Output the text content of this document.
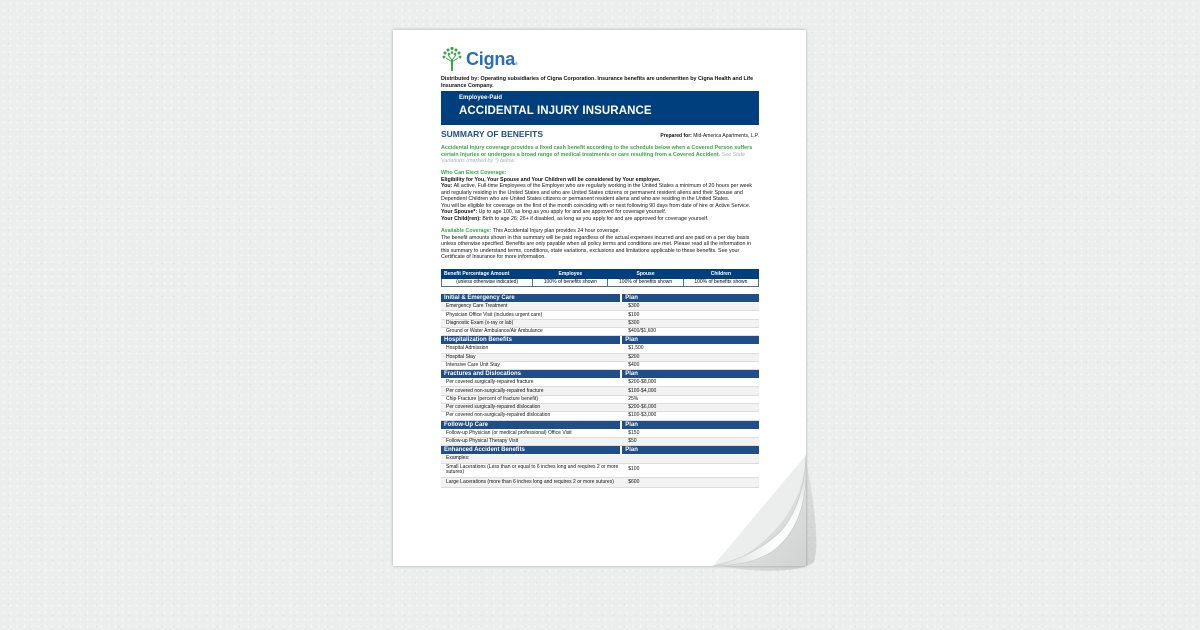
Cigna ®
Distributed by: Operating subsidiaries of Cigna Corporation. Insurance benefits are underwritten by Cigna Health and Life Insurance Company.
Employee-Paid
ACCIDENTAL INJURY INSURANCE
SUMMARY OF BENEFITS	Prepared for: Mid-America Apartments, L.P.
Accidental Injury coverage provides a fixed cash benefit according to the schedule below when a Covered Person suffers certain Injuries or undergoes a broad range of medical treatments or care resulting from a Covered Accident. See State Variations (marked by *) below.
Who Can Elect Coverage:
Eligibility for You, Your Spouse and Your Children will be considered by Your employer.
You: All active, Full-time Employees of the Employer who are regularly working in the United States a minimum of 20 hours per week and regularly residing in the United States and who are United States citizens or permanent resident aliens and their Spouse and Dependent Children who are United States citizens or permanent resident aliens and who are residing in the United States.
You will be eligible for coverage on the first of the month coinciding with or next following 90 days from date of hire or Active Service.
Your Spouse*: Up to age 100, as long as you apply for and are approved for coverage yourself.
Your Child(ren): Birth to age 26; 26+ if disabled, as long as you apply for and are approved for coverage yourself.
Available Coverage: This Accidental Injury plan provides 24 hour coverage.
The benefit amounts shown in this summary will be paid regardless of the actual expenses incurred and are paid on a per day basis unless otherwise specified. Benefits are only payable when all policy terms and conditions are met. Please read all the information in this summary to understand terms, conditions, state variations, exclusions and limitations applicable to these benefits. See your Certificate of Insurance for more information.
Benefit Percentage Amount	Employee	Spouse	Children
(unless otherwise indicated)	100% of benefits shown	100% of benefits shown	100% of benefits shown
Initial & Emergency Care	Plan
Emergency Care Treatment	$300
Physician Office Visit (includes urgent care)	$100
Diagnostic Exam (x-ray or lab)	$300
Ground or Water Ambulance/Air Ambulance	$400/$1,600
Hospitalization Benefits	Plan
Hospital Admission	$1,500
Hospital Stay	$200
Intensive Care Unit Stay	$400
Fractures and Dislocations	Plan
Per covered surgically-repaired fracture	$200-$8,000
Per covered non-surgically-repaired fracture	$100-$4,000
Chip Fracture (percent of fracture benefit)	25%
Per covered surgically-repaired dislocation	$200-$6,000
Per covered non-surgically-repaired dislocation	$100-$3,000
Follow-Up Care	Plan
Follow-up Physician (or medical professional) Office Visit	$150
Follow-up Physical Therapy Visit	$50
Enhanced Accident Benefits	Plan
Examples:	
Small Lacerations (Less than or equal to 6 inches long and requires 2 or more sutures)	$100
Large Lacerations (more than 6 inches long and requires 2 or more sutures)	$600
